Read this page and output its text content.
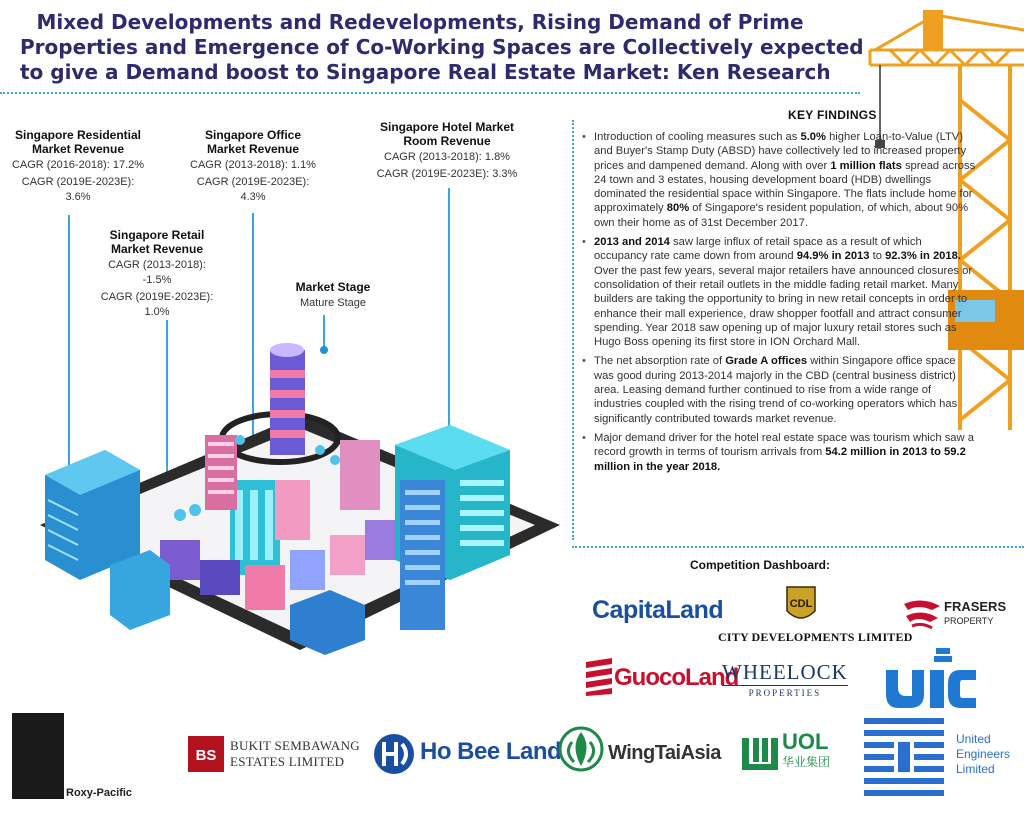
Mixed Developments and Redevelopments, Rising Demand of Prime
Properties and Emergence of Co-Working Spaces are Collectively expected
to give a Demand boost to Singapore Real Estate Market: Ken Research
Singapore Residential
Market Revenue
CAGR (2016-2018): 17.2%
CAGR (2019E-2023E):
3.6%
Singapore Office
Market Revenue
CAGR (2013-2018): 1.1%
CAGR (2019E-2023E):
4.3%
Singapore Hotel Market
Room Revenue
CAGR (2013-2018): 1.8%
CAGR (2019E-2023E): 3.3%
Singapore Retail
Market Revenue
CAGR (2013-2018):
-1.5%
CAGR (2019E-2023E):
1.0%
Market Stage
Mature Stage
KEY FINDINGS

• Introduction of cooling measures such as 5.0% higher Loan-to-Value (LTV) and Buyer's Stamp Duty (ABSD) have collectively led to increased property prices and dampened demand. Along with over 1 million flats spread across 24 town and 3 estates, housing development board (HDB) dwellings dominated the residential space within Singapore. The flats include home for approximately 80% of Singapore's resident population, of which, about 90% own their home as of 31st December 2017.

• 2013 and 2014 saw large influx of retail space as a result of which occupancy rate came down from around 94.9% in 2013 to 92.3% in 2018. Over the past few years, several major retailers have announced closures or consolidation of their retail outlets in the middle fading retail market. Many builders are taking the opportunity to bring in new retail concepts in order to enhance their mall experience, draw shopper footfall and attract consumer spending. Year 2018 saw opening up of major luxury retail stores such as Hugo Boss opening its first store in ION Orchard Mall.

• The net absorption rate of Grade A offices within Singapore office space was good during 2013-2014 majorly in the CBD (central business district) area. Leasing demand further continued to rise from a wide range of industries coupled with the rising trend of co-working operators which has significantly contributed towards market revenue.

• Major demand driver for the hotel real estate space was tourism which saw a record growth in terms of tourism arrivals from 54.2 million in 2013 to 59.2 million in the year 2018.

Competition Dashboard:
CapitaLand	CDL
CITY DEVELOPMENTS LIMITED
FRASERS
PROPERTY
GuocoLand
WHEELOCK
PROPERTIES
UIC
Roxy-Pacific
BS
BUKIT SEMBAWANG
ESTATES LIMITED	Ho Bee Land WingTaiAsia	UOL
华业集团
United
Engineers
Limited
